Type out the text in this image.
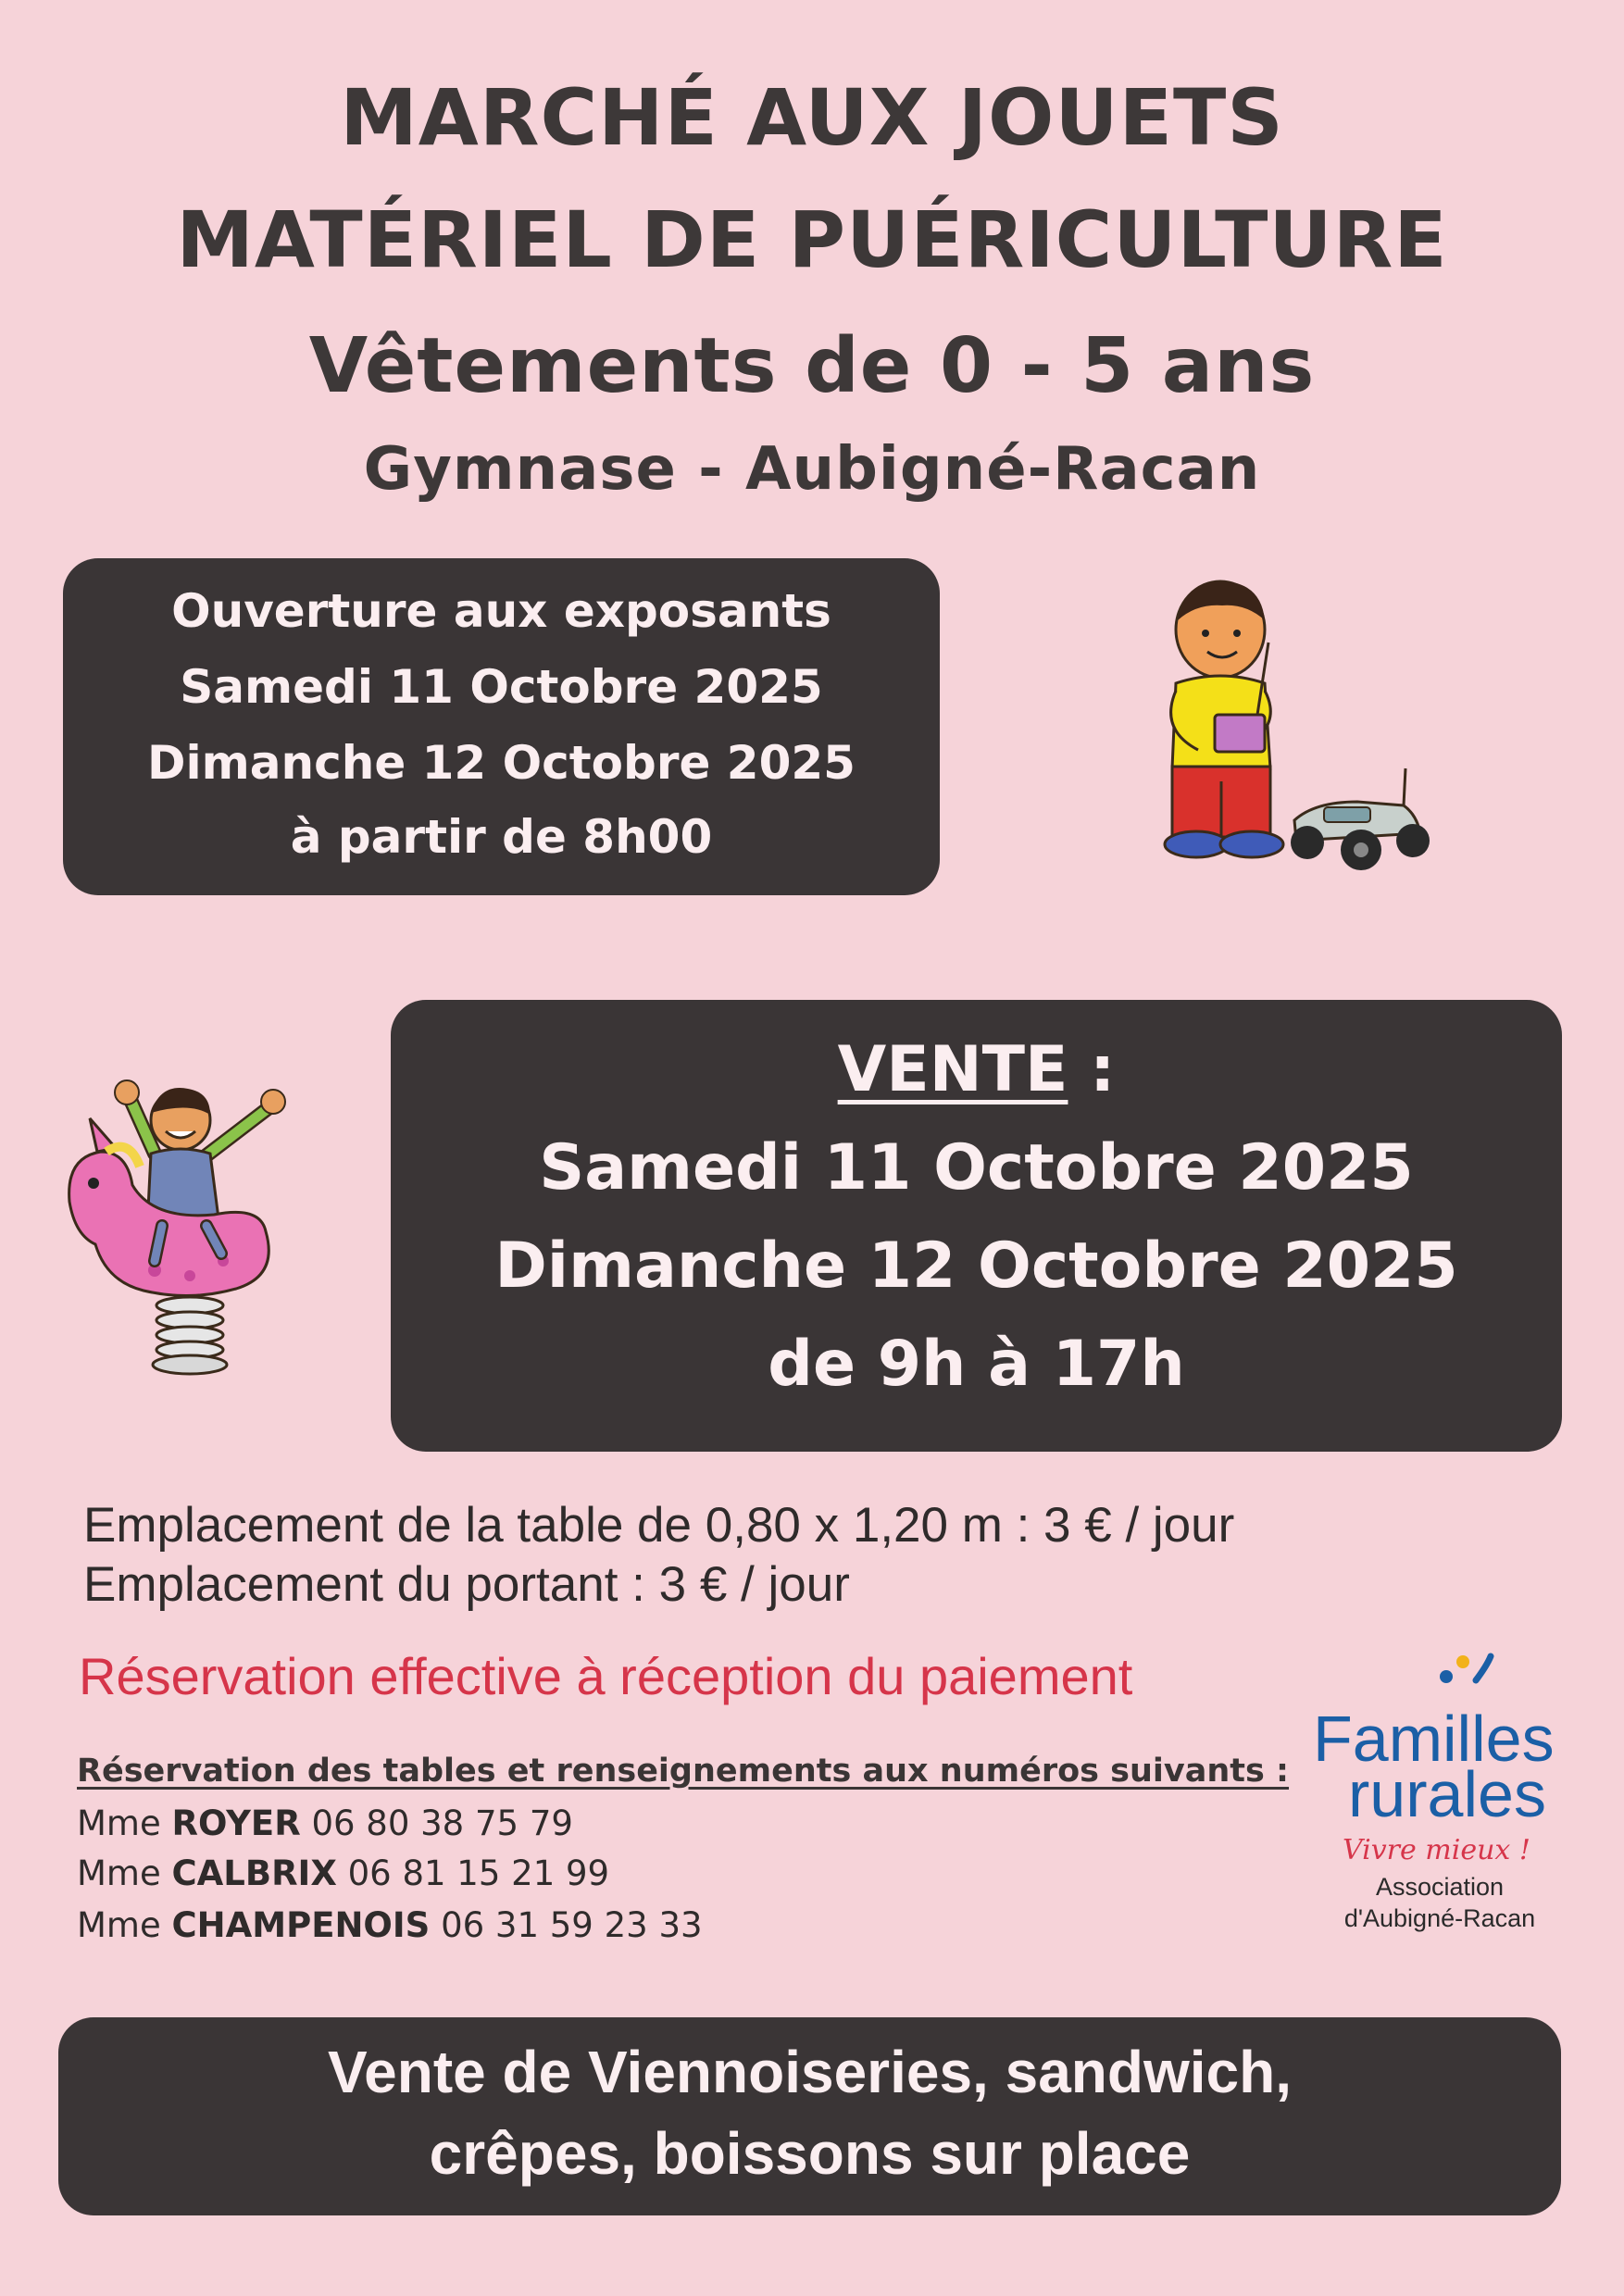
MARCHÉ AUX JOUETS
MATÉRIEL DE PUÉRICULTURE
Vêtements de 0 - 5 ans
Gymnase - Aubigné-Racan
Ouverture aux exposants
Samedi 11 Octobre 2025
Dimanche 12 Octobre 2025
à partir de 8h00
VENTE :
Samedi 11 Octobre 2025
Dimanche 12 Octobre 2025
de 9h à 17h
Emplacement de la table de 0,80 x 1,20 m : 3 € / jour
Emplacement du portant : 3 € / jour
Réservation effective à réception du paiement
Réservation des tables et renseignements aux numéros suivants :
Mme ROYER 06 80 38 75 79
Mme CALBRIX 06 81 15 21 99
Mme CHAMPENOIS 06 31 59 23 33
Familles
rurales
Vivre mieux !
Association
d'Aubigné-Racan
Vente de Viennoiseries, sandwich,
crêpes, boissons sur place
